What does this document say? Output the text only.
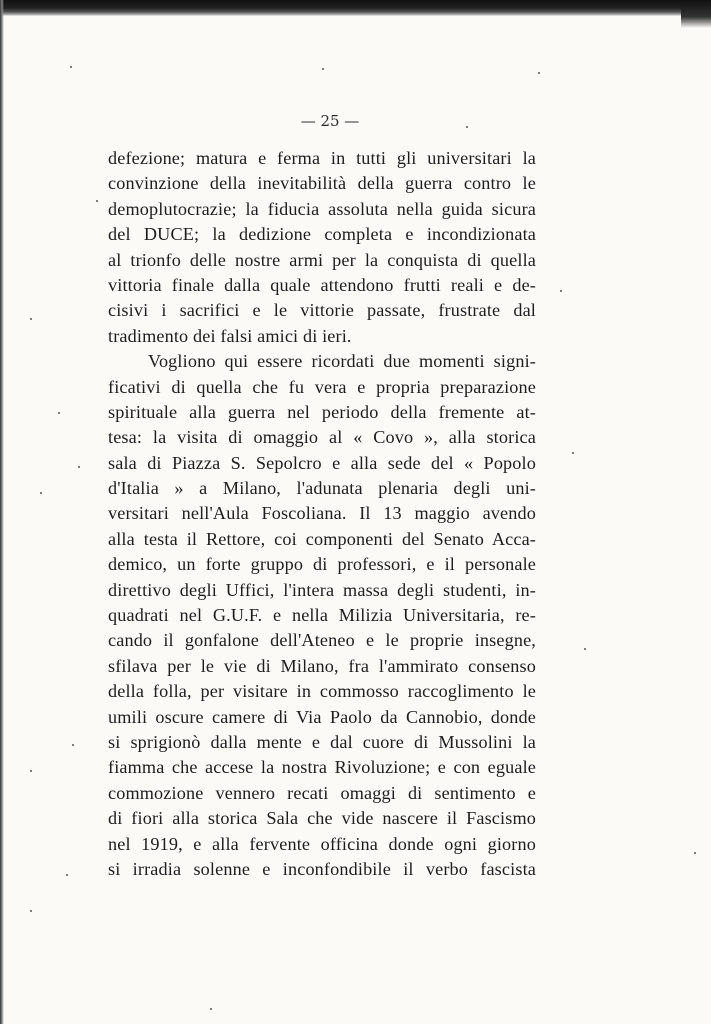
— 25 —
defezione; matura e ferma in tutti gli universitari la
convinzione della inevitabilità della guerra contro le
demoplutocrazie; la fiducia assoluta nella guida sicura
del DUCE; la dedizione completa e incondizionata
al trionfo delle nostre armi per la conquista di quella
vittoria finale dalla quale attendono frutti reali e de-
cisivi i sacrifici e le vittorie passate, frustrate dal
tradimento dei falsi amici di ieri.
Vogliono qui essere ricordati due momenti signi-
ficativi di quella che fu vera e propria preparazione
spirituale alla guerra nel periodo della fremente at-
tesa: la visita di omaggio al « Covo », alla storica
sala di Piazza S. Sepolcro e alla sede del « Popolo
d'Italia » a Milano, l'adunata plenaria degli uni-
versitari nell'Aula Foscoliana. Il 13 maggio avendo
alla testa il Rettore, coi componenti del Senato Acca-
demico, un forte gruppo di professori, e il personale
direttivo degli Uffici, l'intera massa degli studenti, in-
quadrati nel G.U.F. e nella Milizia Universitaria, re-
cando il gonfalone dell'Ateneo e le proprie insegne,
sfilava per le vie di Milano, fra l'ammirato consenso
della folla, per visitare in commosso raccoglimento le
umili oscure camere di Via Paolo da Cannobio, donde
si sprigionò dalla mente e dal cuore di Mussolini la
fiamma che accese la nostra Rivoluzione; e con eguale
commozione vennero recati omaggi di sentimento e
di fiori alla storica Sala che vide nascere il Fascismo
nel 1919, e alla fervente officina donde ogni giorno
si irradia solenne e inconfondibile il verbo fascista
